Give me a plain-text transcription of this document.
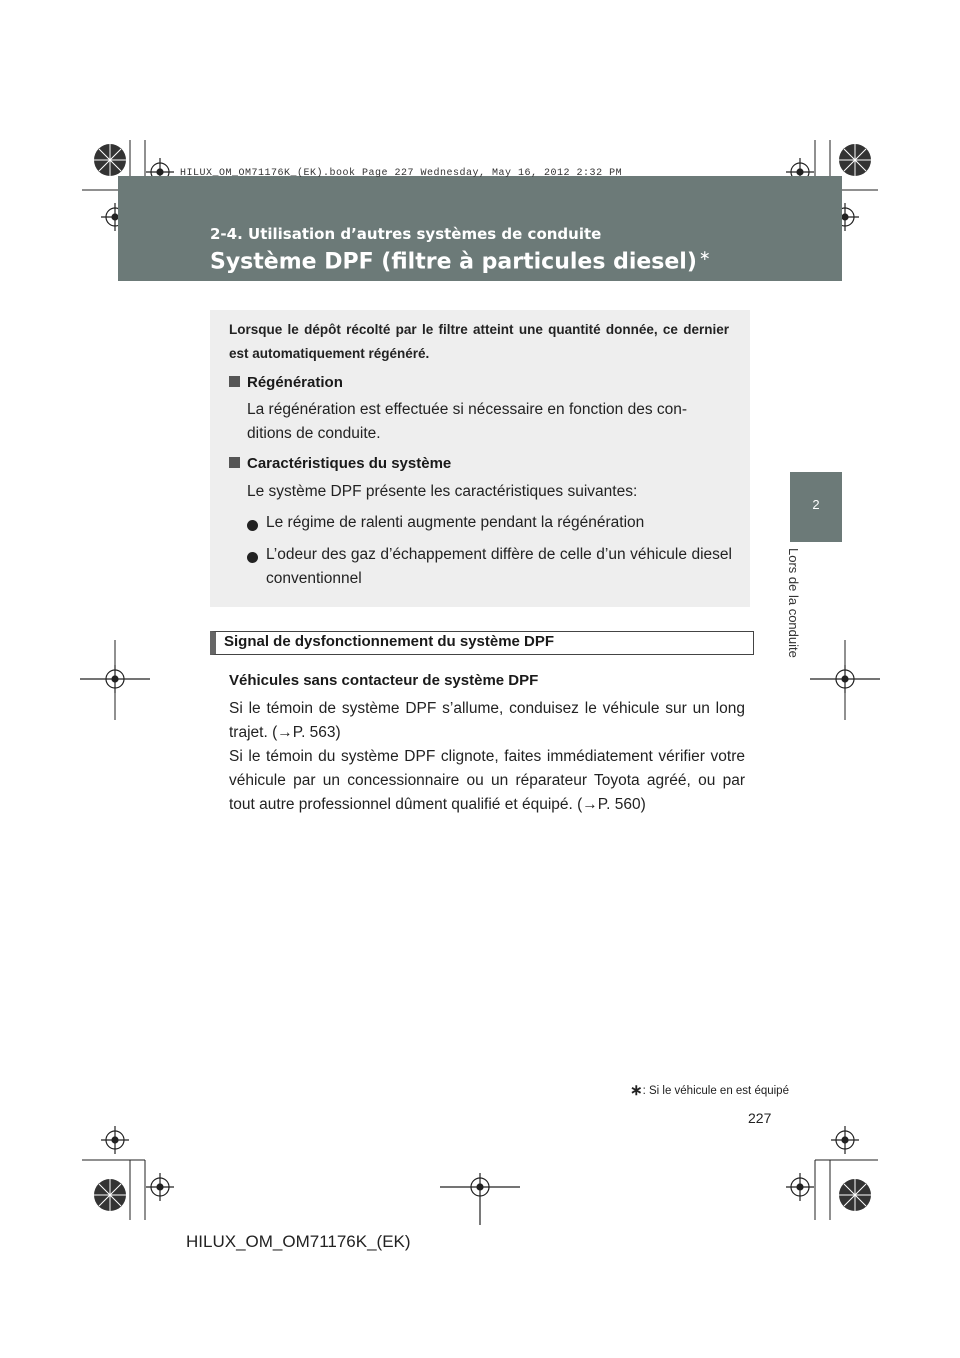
HILUX_OM_OM71176K_(EK).book Page 227 Wednesday, May 16, 2012 2:32 PM
2-4. Utilisation d’autres systèmes de conduite
Système DPF (filtre à particules diesel) ∗
2
Lors de la conduite
Lorsque le dépôt récolté par le filtre atteint une quantité donnée, ce dernier est automatiquement régénéré.
Régénération
La régénération est effectuée si nécessaire en fonction des con-ditions de conduite.
Caractéristiques du système
Le système DPF présente les caractéristiques suivantes:
Le régime de ralenti augmente pendant la régénération
L’odeur des gaz d’échappement diffère de celle d’un véhicule diesel conventionnel
Signal de dysfonctionnement du système DPF
Véhicules sans contacteur de système DPF
Si le témoin de système DPF s’allume, conduisez le véhicule sur un long trajet. (→P. 563)
Si le témoin du système DPF clignote, faites immédiatement vérifier votre véhicule par un concessionnaire ou un réparateur Toyota agréé, ou par tout autre professionnel dûment qualifié et équipé. (→P. 560)
∗: Si le véhicule en est équipé
227
HILUX_OM_OM71176K_(EK)
